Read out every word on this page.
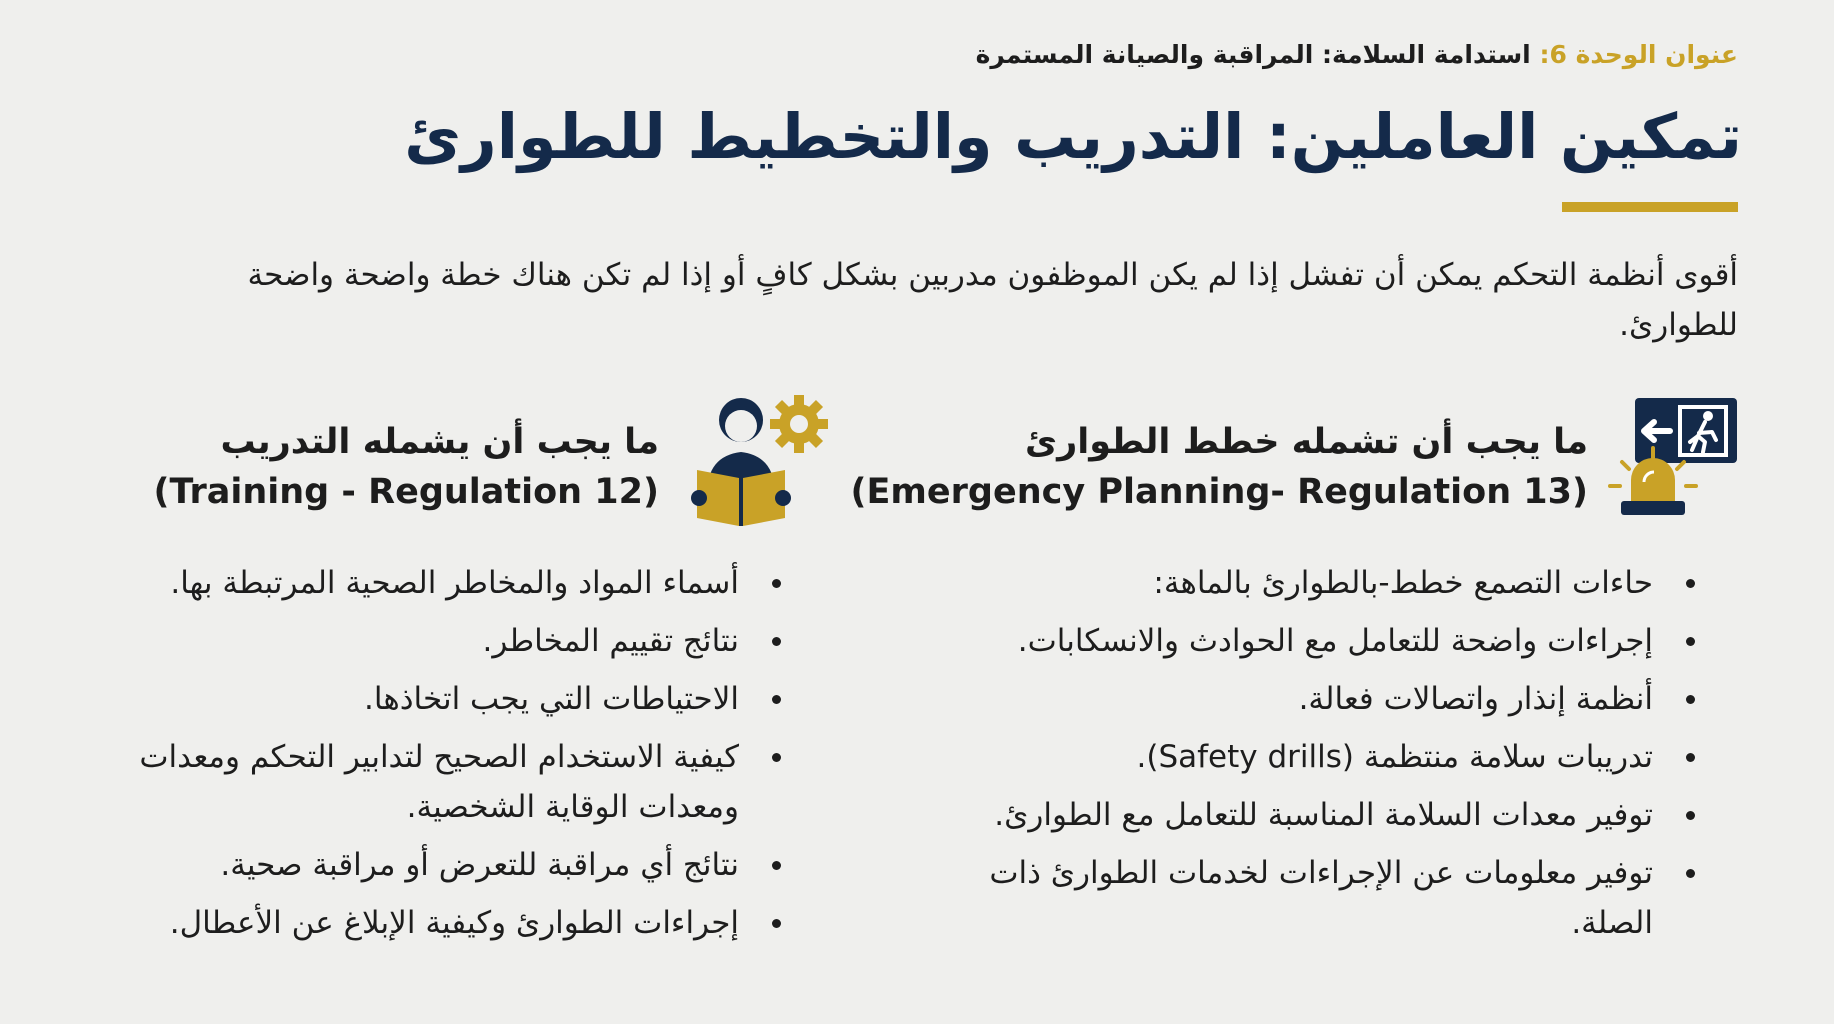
عنوان الوحدة 6: استدامة السلامة: المراقبة والصيانة المستمرة
تمكين العاملين: التدريب والتخطيط للطوارئ

أقوى أنظمة التحكم يمكن أن تفشل إذا لم يكن الموظفون مدربين بشكل كافٍ أو إذا لم تكن هناك خطة واضحة واضحة للطوارئ.

ما يجب أن تشمله خطط الطوارئ
(Emergency Planning- Regulation 13)
حاءات التصمع خطط-بالطوارئ بالماهة:
إجراءات واضحة للتعامل مع الحوادث والانسكابات.
أنظمة إنذار واتصالات فعالة.
تدريبات سلامة منتظمة (Safety drills).
توفير معدات السلامة المناسبة للتعامل مع الطوارئ.
توفير معلومات عن الإجراءات لخدمات الطوارئ ذات الصلة.
ما يجب أن يشمله التدريب
(Training - Regulation 12)
أسماء المواد والمخاطر الصحية المرتبطة بها.
نتائج تقييم المخاطر.
الاحتياطات التي يجب اتخاذها.
كيفية الاستخدام الصحيح لتدابير التحكم ومعدات ومعدات الوقاية الشخصية.
نتائج أي مراقبة للتعرض أو مراقبة صحية.
إجراءات الطوارئ وكيفية الإبلاغ عن الأعطال.
